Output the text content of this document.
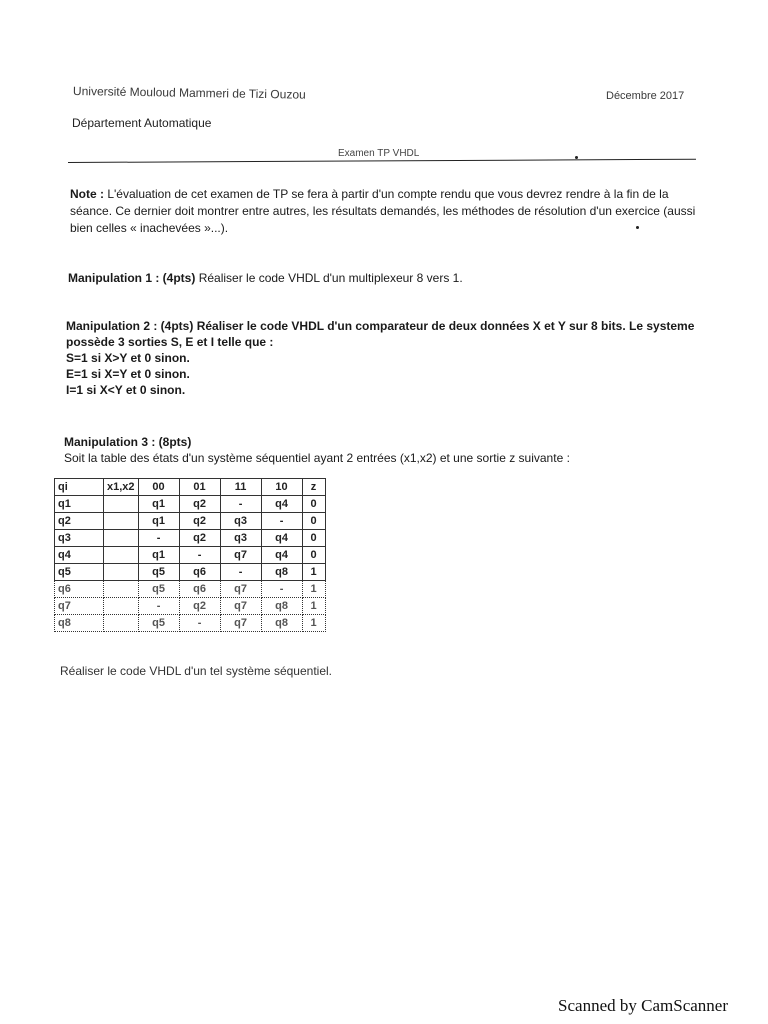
Université Mouloud Mammeri de Tizi Ouzou	Décembre 2017
Département Automatique
Examen TP VHDL
Note : L'évaluation de cet examen de TP se fera à partir d'un compte rendu que vous devrez rendre à la fin de la séance. Ce dernier doit montrer entre autres, les résultats demandés, les méthodes de résolution d'un exercice (aussi bien celles « inachevées »...).
Manipulation 1 : (4pts) Réaliser le code VHDL d'un multiplexeur 8 vers 1.
Manipulation 2 : (4pts) Réaliser le code VHDL d'un comparateur de deux données X et Y sur 8 bits. Le systeme possède 3 sorties S, E et I telle que :
S=1 si X>Y et 0 sinon.
E=1 si X=Y et 0 sinon.
I=1 si X<Y et 0 sinon.
Manipulation 3 : (8pts)
Soit la table des états d'un système séquentiel ayant 2 entrées (x1,x2) et une sortie z suivante :
qi	x1,x2	00	01	11	10	z
q1		q1	q2	-	q4	0
q2		q1	q2	q3	-	0
q3		-	q2	q3	q4	0
q4		q1	-	q7	q4	0
q5		q5	q6	-	q8	1
q6		q5	q6	q7	-	1
q7		-	q2	q7	q8	1
q8		q5	-	q7	q8	1
Réaliser le code VHDL d'un tel système séquentiel.
Scanned by CamScanner
